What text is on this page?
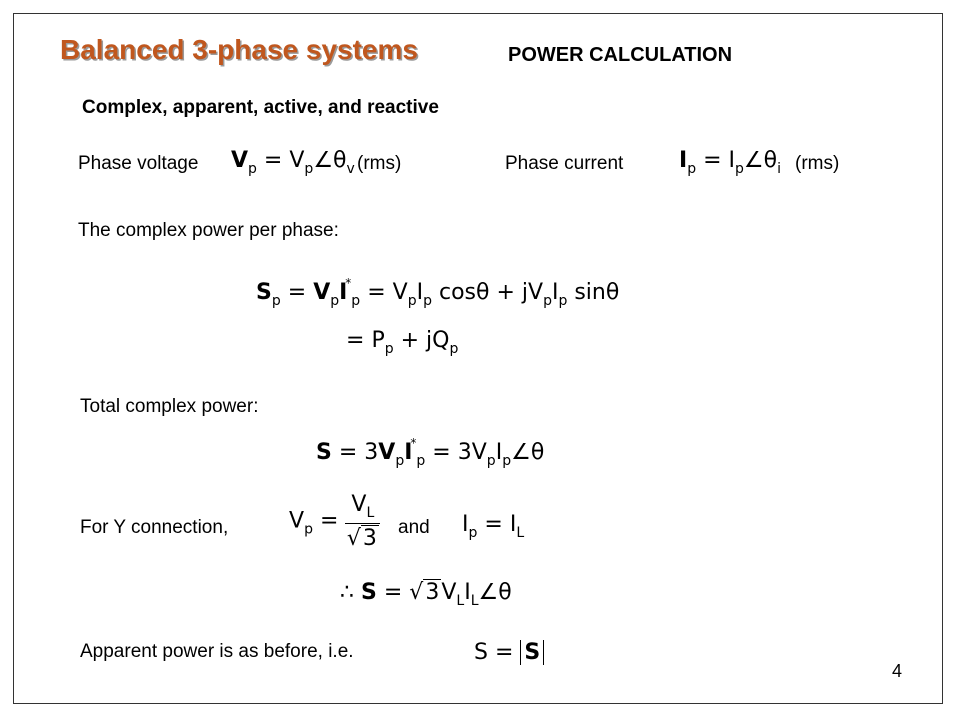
Balanced 3-phase systems	POWER CALCULATION
Complex, apparent, active, and reactive
Phase voltage $V_p$ = $V_p\angle\theta_v$ (rms)	Phase current	$I_p$ = $I_p\angle\theta_i$ (rms)
The complex power per phase:
$S_p = V_pI^*_p = V_pI_p$ $\cos\theta + jV_pI_p$ sinθ
= $P_p + jQ_p$
Total complex power:
$S = 3V_pI^*_p$ = $3V_pI_p\angle\theta$
For Y connection,	$V_p = \frac{V_L}{√3}$ and $I_p = I_L$
∴ $S = √3V_LI_L\angle\theta$
Apparent power is as before, i.e.	S = S
4
